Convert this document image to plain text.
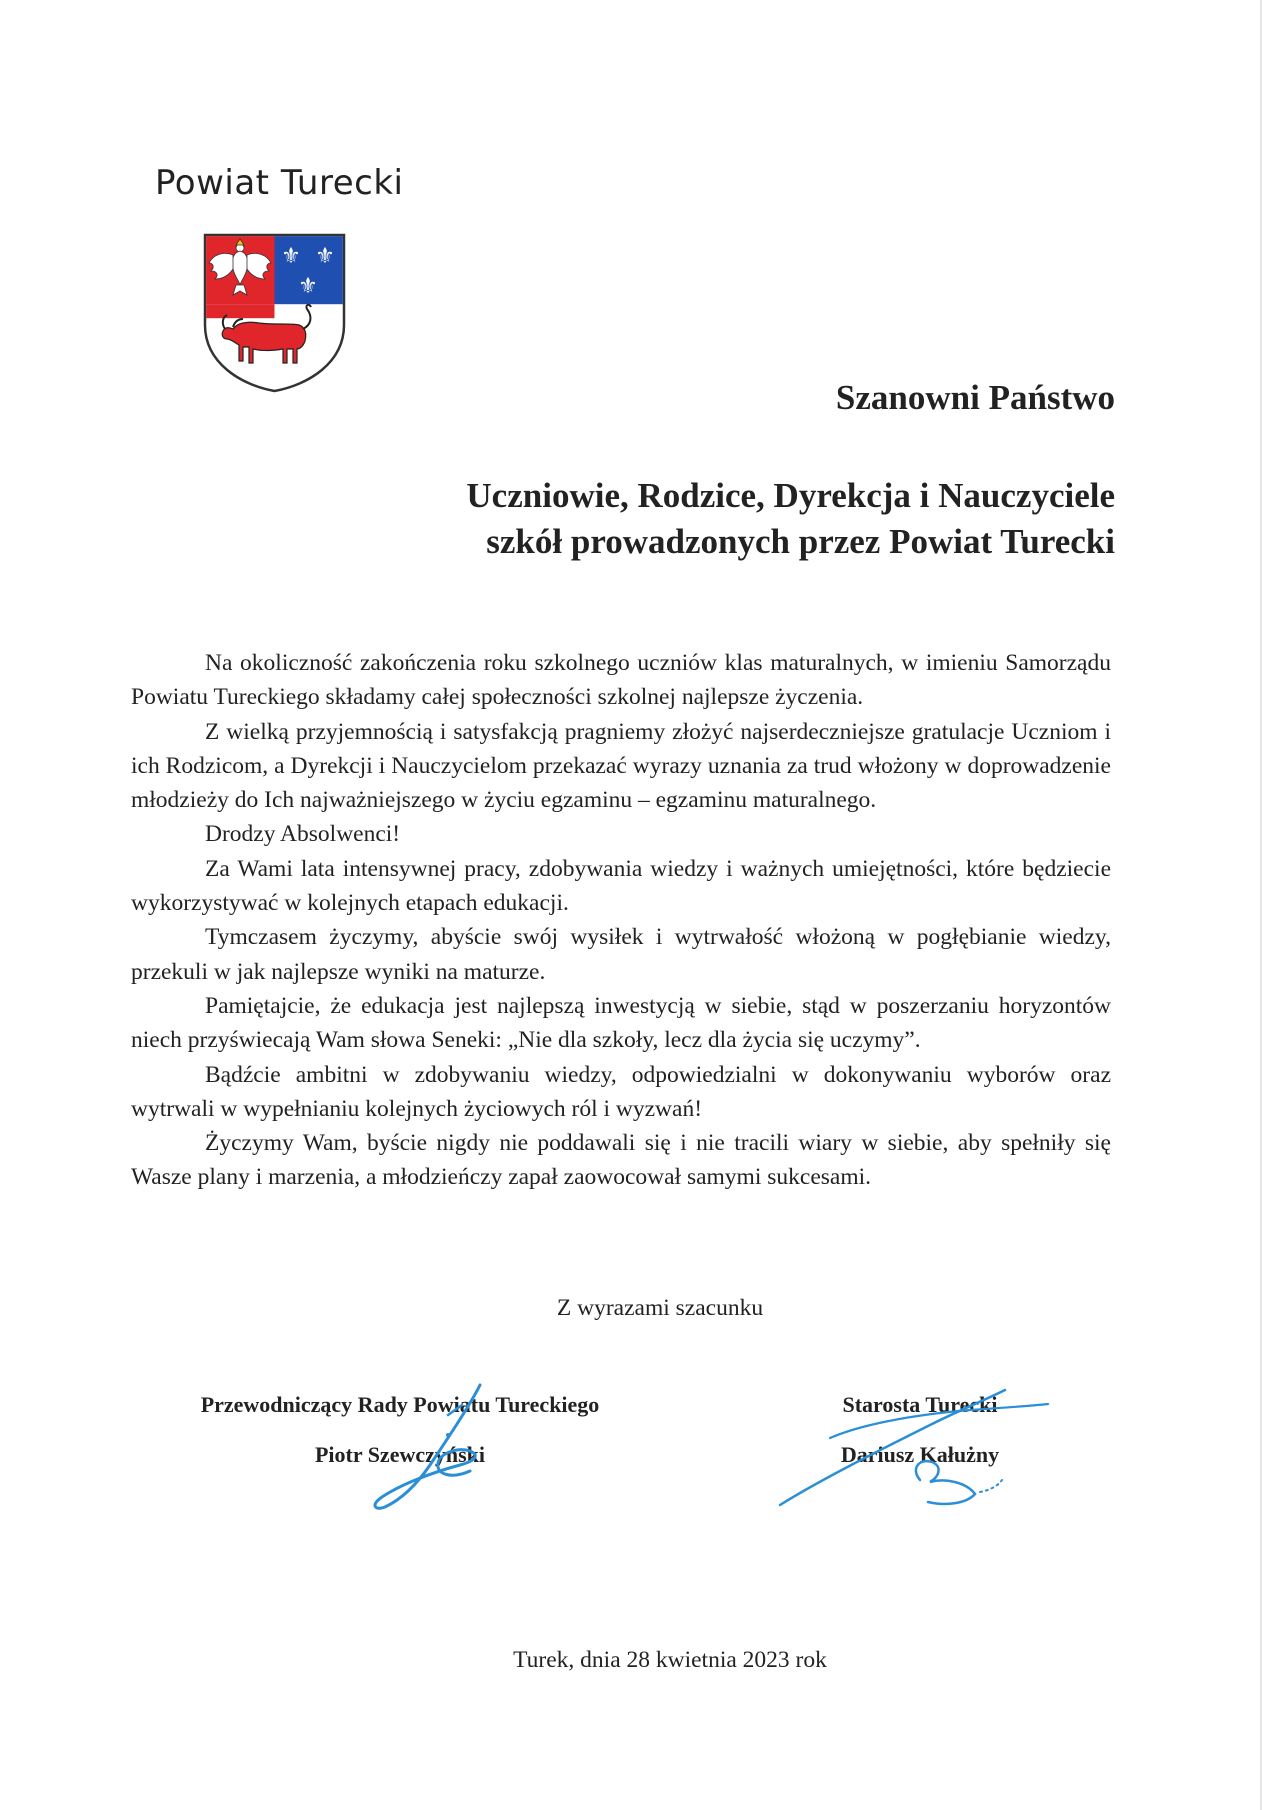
Powiat Turecki
⚜ ⚜
⚜
Szanowni Państwo
Uczniowie, Rodzice, Dyrekcja i Nauczyciele
szkół prowadzonych przez Powiat Turecki

Na okoliczność zakończenia roku szkolnego uczniów klas maturalnych, w imieniu Samorządu Powiatu Tureckiego składamy całej społeczności szkolnej najlepsze życzenia.

Z wielką przyjemnością i satysfakcją pragniemy złożyć najserdeczniejsze gratulacje Uczniom i ich Rodzicom, a Dyrekcji i Nauczycielom przekazać wyrazy uznania za trud włożony w doprowadzenie młodzieży do Ich najważniejszego w życiu egzaminu – egzaminu maturalnego.

Drodzy Absolwenci!

Za Wami lata intensywnej pracy, zdobywania wiedzy i ważnych umiejętności, które będziecie wykorzystywać w kolejnych etapach edukacji.

Tymczasem życzymy, abyście swój wysiłek i wytrwałość włożoną w pogłębianie wiedzy, przekuli w jak najlepsze wyniki na maturze.

Pamiętajcie, że edukacja jest najlepszą inwestycją w siebie, stąd w poszerzaniu horyzontów niech przyświecają Wam słowa Seneki: „Nie dla szkoły, lecz dla życia się uczymy”.

Bądźcie ambitni w zdobywaniu wiedzy, odpowiedzialni w dokonywaniu wyborów oraz wytrwali w wypełnianiu kolejnych życiowych ról i wyzwań!

Życzymy Wam, byście nigdy nie poddawali się i nie tracili wiary w siebie, aby spełniły się Wasze plany i marzenia, a młodzieńczy zapał zaowocował samymi sukcesami.

Z wyrazami szacunku
Przewodniczący Rady Powiatu Tureckiego
Piotr Szewczyński
Starosta Turecki
Dariusz Kałużny
Turek, dnia 28 kwietnia 2023 rok
